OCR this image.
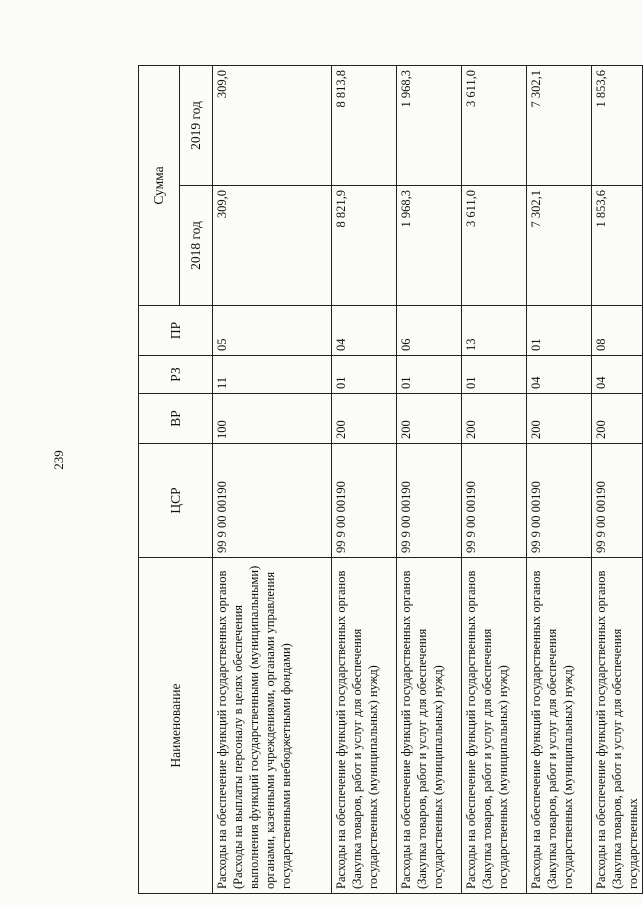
239
Наименование	ЦСР	ВР	РЗ	ПР	Сумма	
					2018 год	2019 год
Расходы на обеспечение функций государственных органов (Расходы на выплаты персоналу в целях обеспечения выполнения функций государственными (муниципальными) органами, казенными учреждениями, органами управления государственными внебюджетными фондами)	99 9 00 00190	100	11	05	309,0	309,0
Расходы на обеспечение функций государственных органов (Закупка товаров, работ и услуг для обеспечения государственных (муниципальных) нужд)	99 9 00 00190	200	01	04	8 821,9	8 813,8
Расходы на обеспечение функций государственных органов (Закупка товаров, работ и услуг для обеспечения государственных (муниципальных) нужд)	99 9 00 00190	200	01	06	1 968,3	1 968,3
Расходы на обеспечение функций государственных органов (Закупка товаров, работ и услуг для обеспечения государственных (муниципальных) нужд)	99 9 00 00190	200	01	13	3 611,0	3 611,0
Расходы на обеспечение функций государственных органов (Закупка товаров, работ и услуг для обеспечения государственных (муниципальных) нужд)	99 9 00 00190	200	04	01	7 302,1	7 302,1
Расходы на обеспечение функций государственных органов (Закупка товаров, работ и услуг для обеспечения государственных	99 9 00 00190	200	04	08	1 853,6	1 853,6
